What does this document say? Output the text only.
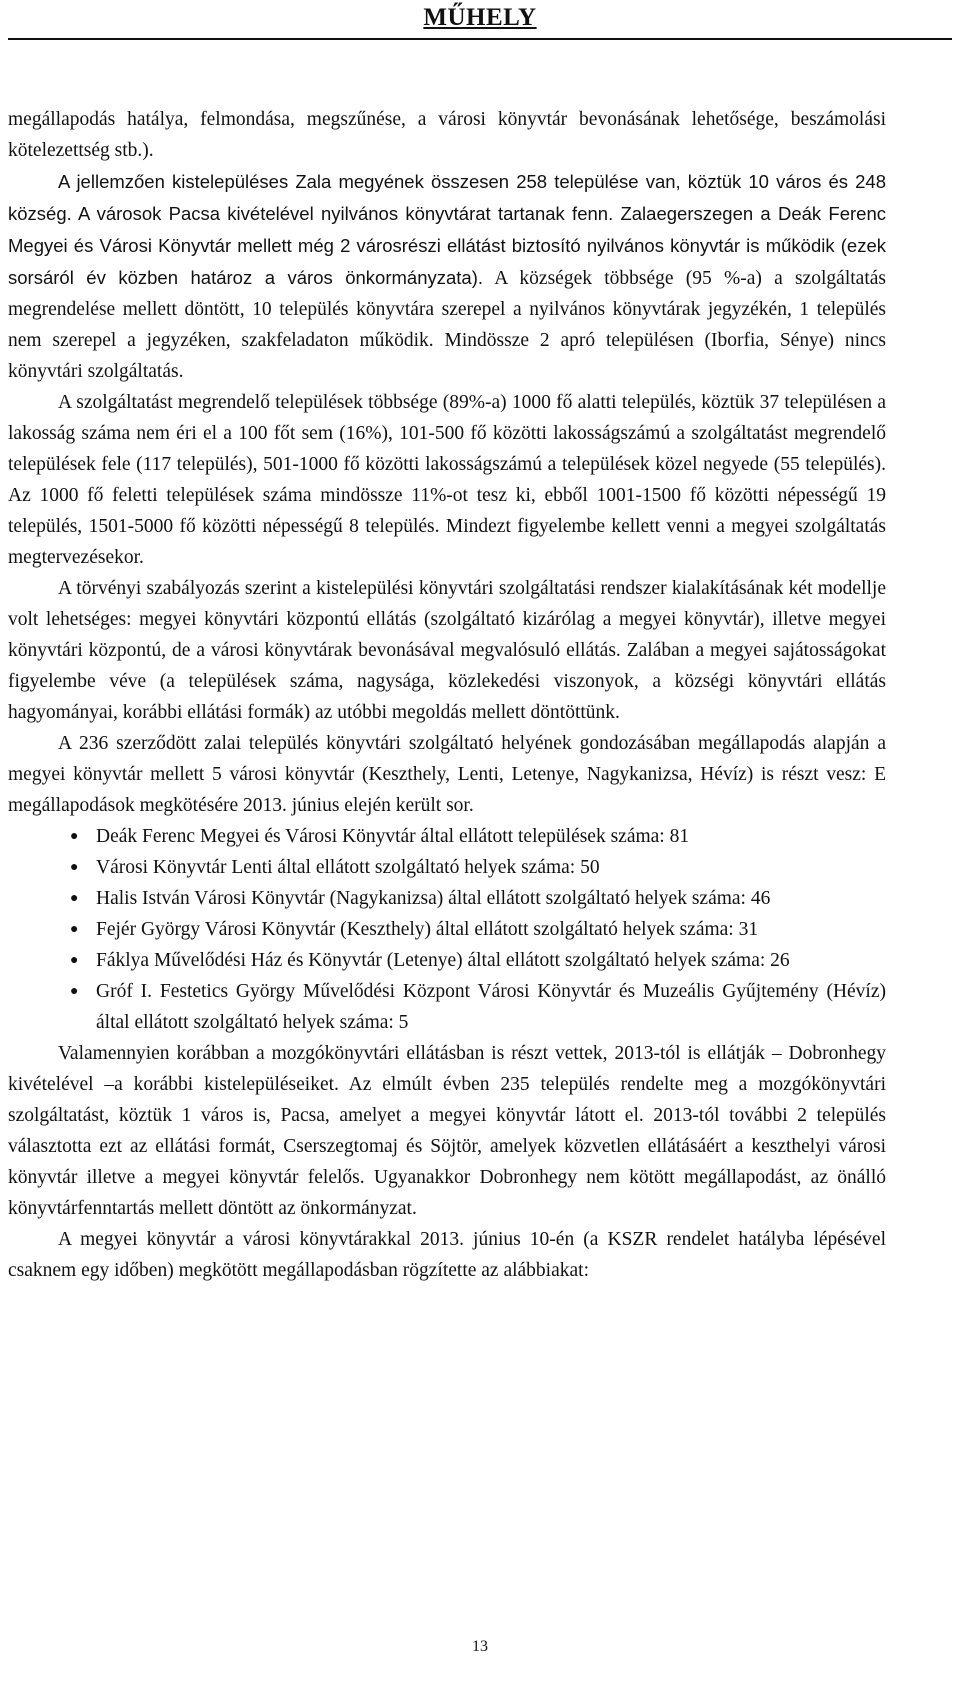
MŰHELY

megállapodás hatálya, felmondása, megszűnése, a városi könyvtár bevonásának lehetősége, beszámolási kötelezettség stb.).

A jellemzően kistelepüléses Zala megyének összesen 258 települése van, köztük 10 város és 248 község. A városok Pacsa kivételével nyilvános könyvtárat tartanak fenn. Zalaegerszegen a Deák Ferenc Megyei és Városi Könyvtár mellett még 2 városrészi ellátást biztosító nyilvános könyvtár is működik (ezek sorsáról év közben határoz a város önkormányzata). A községek többsége (95 %-a) a szolgáltatás megrendelése mellett döntött, 10 település könyvtára szerepel a nyilvános könyvtárak jegyzékén, 1 település nem szerepel a jegyzéken, szakfeladaton működik. Mindössze 2 apró településen (Iborfia, Sénye) nincs könyvtári szolgáltatás.

A szolgáltatást megrendelő települések többsége (89%-a) 1000 fő alatti település, köztük 37 településen a lakosság száma nem éri el a 100 főt sem (16%), 101-500 fő közötti lakosságszámú a szolgáltatást megrendelő települések fele (117 település), 501-1000 fő közötti lakosságszámú a települések közel negyede (55 település). Az 1000 fő feletti települések száma mindössze 11%-ot tesz ki, ebből 1001-1500 fő közötti népességű 19 település, 1501-5000 fő közötti népességű 8 település. Mindezt figyelembe kellett venni a megyei szolgáltatás megtervezésekor.

A törvényi szabályozás szerint a kistelepülési könyvtári szolgáltatási rendszer kialakításának két modellje volt lehetséges: megyei könyvtári központú ellátás (szolgáltató kizárólag a megyei könyvtár), illetve megyei könyvtári központú, de a városi könyvtárak bevonásával megvalósuló ellátás. Zalában a megyei sajátosságokat figyelembe véve (a települések száma, nagysága, közlekedési viszonyok, a községi könyvtári ellátás hagyományai, korábbi ellátási formák) az utóbbi megoldás mellett döntöttünk.

A 236 szerződött zalai település könyvtári szolgáltató helyének gondozásában megállapodás alapján a megyei könyvtár mellett 5 városi könyvtár (Keszthely, Lenti, Letenye, Nagykanizsa, Hévíz) is részt vesz: E megállapodások megkötésére 2013. június elején került sor.

● Deák Ferenc Megyei és Városi Könyvtár által ellátott települések száma: 81
● Városi Könyvtár Lenti által ellátott szolgáltató helyek száma: 50
● Halis István Városi Könyvtár (Nagykanizsa) által ellátott szolgáltató helyek száma: 46
● Fejér György Városi Könyvtár (Keszthely) által ellátott szolgáltató helyek száma: 31
● Fáklya Művelődési Ház és Könyvtár (Letenye) által ellátott szolgáltató helyek száma: 26
● Gróf I. Festetics György Művelődési Központ Városi Könyvtár és Muzeális Gyűjtemény (Hévíz) által ellátott szolgáltató helyek száma: 5

Valamennyien korábban a mozgókönyvtári ellátásban is részt vettek, 2013-tól is ellátják – Dobronhegy kivételével –a korábbi kistelepüléseiket. Az elmúlt évben 235 település rendelte meg a mozgókönyvtári szolgáltatást, köztük 1 város is, Pacsa, amelyet a megyei könyvtár látott el. 2013-tól további 2 település választotta ezt az ellátási formát, Cserszegtomaj és Söjtör, amelyek közvetlen ellátásáért a keszthelyi városi könyvtár illetve a megyei könyvtár felelős. Ugyanakkor Dobronhegy nem kötött megállapodást, az önálló könyvtárfenntartás mellett döntött az önkormányzat.

A megyei könyvtár a városi könyvtárakkal 2013. június 10-én (a KSZR rendelet hatályba lépésével csaknem egy időben) megkötött megállapodásban rögzítette az alábbiakat:

13
